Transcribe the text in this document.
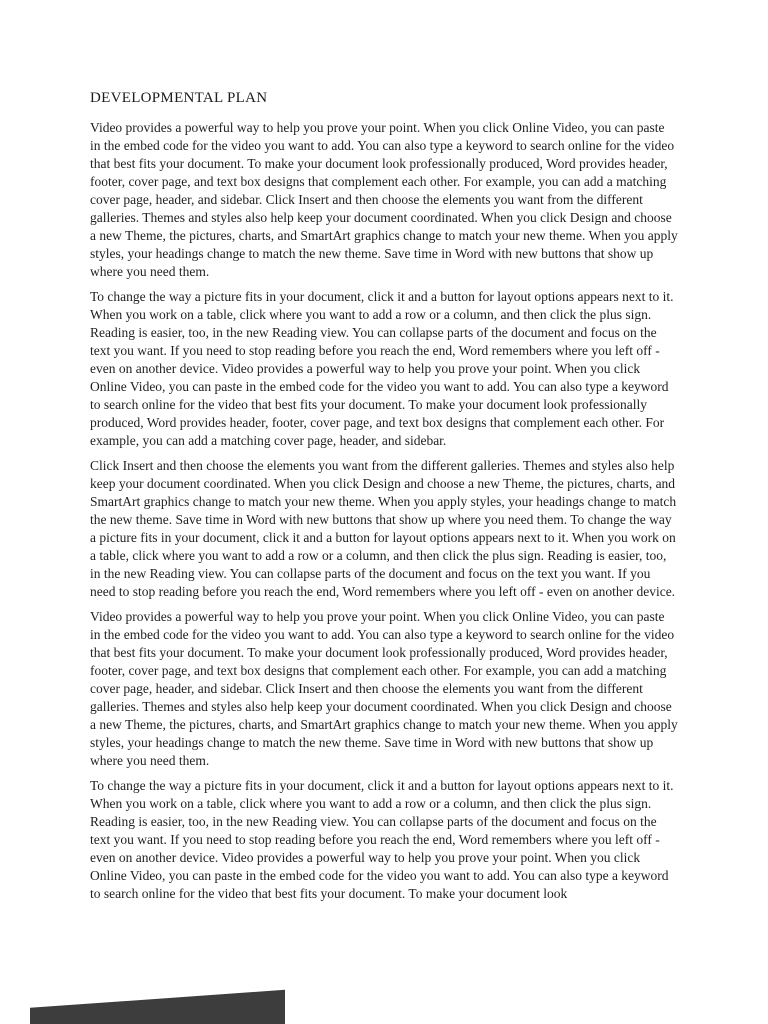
DEVELOPMENTAL PLAN

Video provides a powerful way to help you prove your point. When you click Online Video, you can paste in the embed code for the video you want to add. You can also type a keyword to search online for the video that best fits your document. To make your document look professionally produced, Word provides header, footer, cover page, and text box designs that complement each other. For example, you can add a matching cover page, header, and sidebar. Click Insert and then choose the elements you want from the different galleries. Themes and styles also help keep your document coordinated. When you click Design and choose a new Theme, the pictures, charts, and SmartArt graphics change to match your new theme. When you apply styles, your headings change to match the new theme. Save time in Word with new buttons that show up where you need them.

To change the way a picture fits in your document, click it and a button for layout options appears next to it. When you work on a table, click where you want to add a row or a column, and then click the plus sign. Reading is easier, too, in the new Reading view. You can collapse parts of the document and focus on the text you want. If you need to stop reading before you reach the end, Word remembers where you left off - even on another device. Video provides a powerful way to help you prove your point. When you click Online Video, you can paste in the embed code for the video you want to add. You can also type a keyword to search online for the video that best fits your document. To make your document look professionally produced, Word provides header, footer, cover page, and text box designs that complement each other. For example, you can add a matching cover page, header, and sidebar.

Click Insert and then choose the elements you want from the different galleries. Themes and styles also help keep your document coordinated. When you click Design and choose a new Theme, the pictures, charts, and SmartArt graphics change to match your new theme. When you apply styles, your headings change to match the new theme. Save time in Word with new buttons that show up where you need them. To change the way a picture fits in your document, click it and a button for layout options appears next to it. When you work on a table, click where you want to add a row or a column, and then click the plus sign. Reading is easier, too, in the new Reading view. You can collapse parts of the document and focus on the text you want. If you need to stop reading before you reach the end, Word remembers where you left off - even on another device.

Video provides a powerful way to help you prove your point. When you click Online Video, you can paste in the embed code for the video you want to add. You can also type a keyword to search online for the video that best fits your document. To make your document look professionally produced, Word provides header, footer, cover page, and text box designs that complement each other. For example, you can add a matching cover page, header, and sidebar. Click Insert and then choose the elements you want from the different galleries. Themes and styles also help keep your document coordinated. When you click Design and choose a new Theme, the pictures, charts, and SmartArt graphics change to match your new theme. When you apply styles, your headings change to match the new theme. Save time in Word with new buttons that show up where you need them.

To change the way a picture fits in your document, click it and a button for layout options appears next to it. When you work on a table, click where you want to add a row or a column, and then click the plus sign. Reading is easier, too, in the new Reading view. You can collapse parts of the document and focus on the text you want. If you need to stop reading before you reach the end, Word remembers where you left off - even on another device. Video provides a powerful way to help you prove your point. When you click Online Video, you can paste in the embed code for the video you want to add. You can also type a keyword to search online for the video that best fits your document. To make your document look
